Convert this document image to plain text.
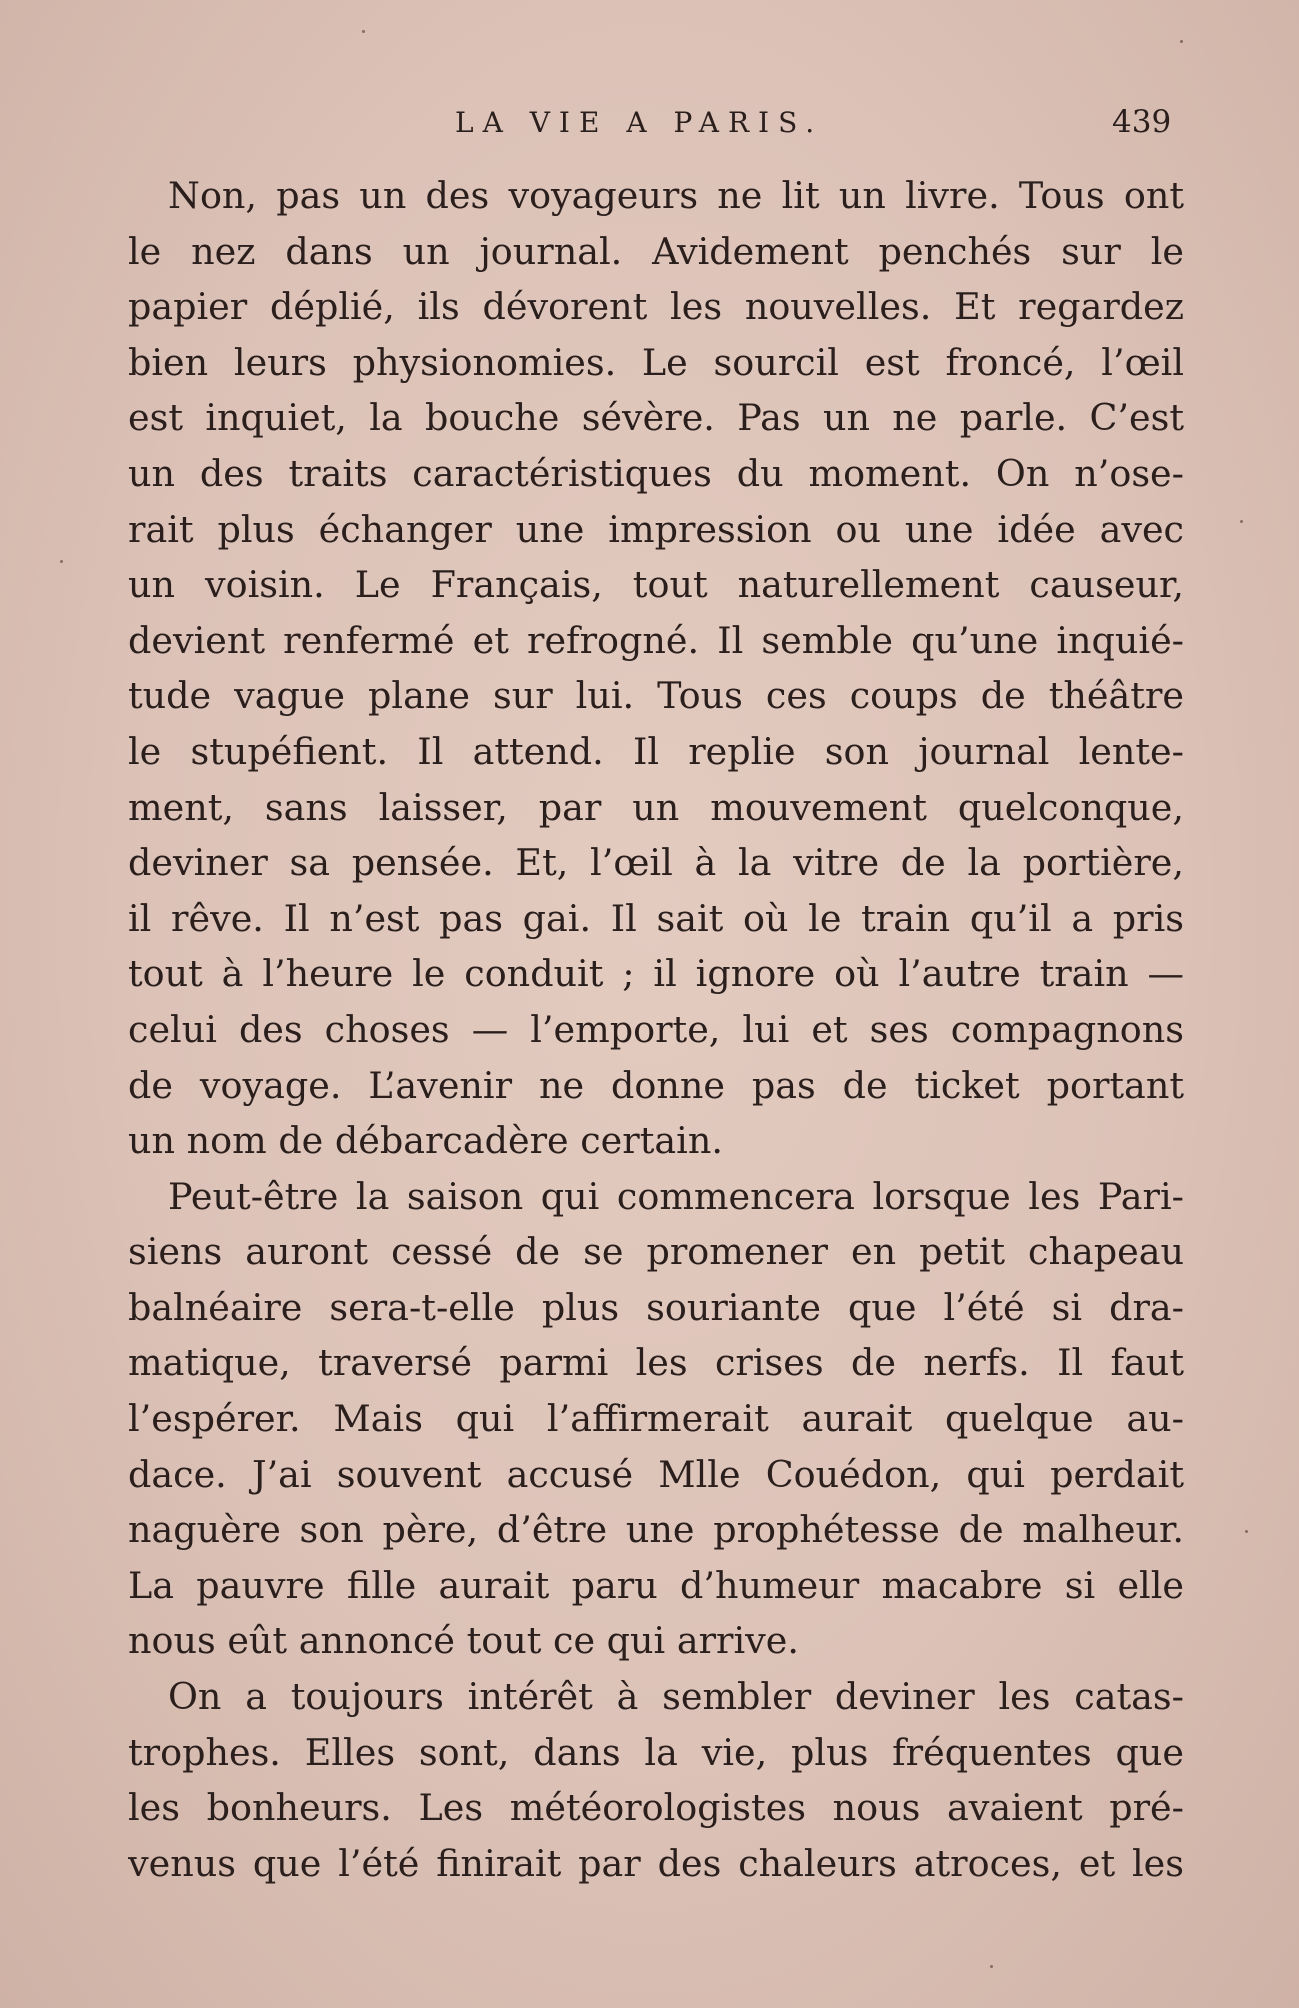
LA VIE A PARIS.	439
Non, pas un des voyageurs ne lit un livre. Tous ont
le nez dans un journal. Avidement penchés sur le
papier déplié, ils dévorent les nouvelles. Et regardez
bien leurs physionomies. Le sourcil est froncé, l’œil
est inquiet, la bouche sévère. Pas un ne parle. C’est
un des traits caractéristiques du moment. On n’ose-
rait plus échanger une impression ou une idée avec
un voisin. Le Français, tout naturellement causeur,
devient renfermé et refrogné. Il semble qu’une inquié-
tude vague plane sur lui. Tous ces coups de théâtre
le stupéfient. Il attend. Il replie son journal lente-
ment, sans laisser, par un mouvement quelconque,
deviner sa pensée. Et, l’œil à la vitre de la portière,
il rêve. Il n’est pas gai. Il sait où le train qu’il a pris
tout à l’heure le conduit ; il ignore où l’autre train —
celui des choses — l’emporte, lui et ses compagnons
de voyage. L’avenir ne donne pas de ticket portant
un nom de débarcadère certain.
Peut-être la saison qui commencera lorsque les Pari-
siens auront cessé de se promener en petit chapeau
balnéaire sera-t-elle plus souriante que l’été si dra-
matique, traversé parmi les crises de nerfs. Il faut
l’espérer. Mais qui l’affirmerait aurait quelque au-
dace. J’ai souvent accusé Mlle Couédon, qui perdait
naguère son père, d’être une prophétesse de malheur.
La pauvre fille aurait paru d’humeur macabre si elle
nous eût annoncé tout ce qui arrive.
On a toujours intérêt à sembler deviner les catas-
trophes. Elles sont, dans la vie, plus fréquentes que
les bonheurs. Les météorologistes nous avaient pré-
venus que l’été finirait par des chaleurs atroces, et les
